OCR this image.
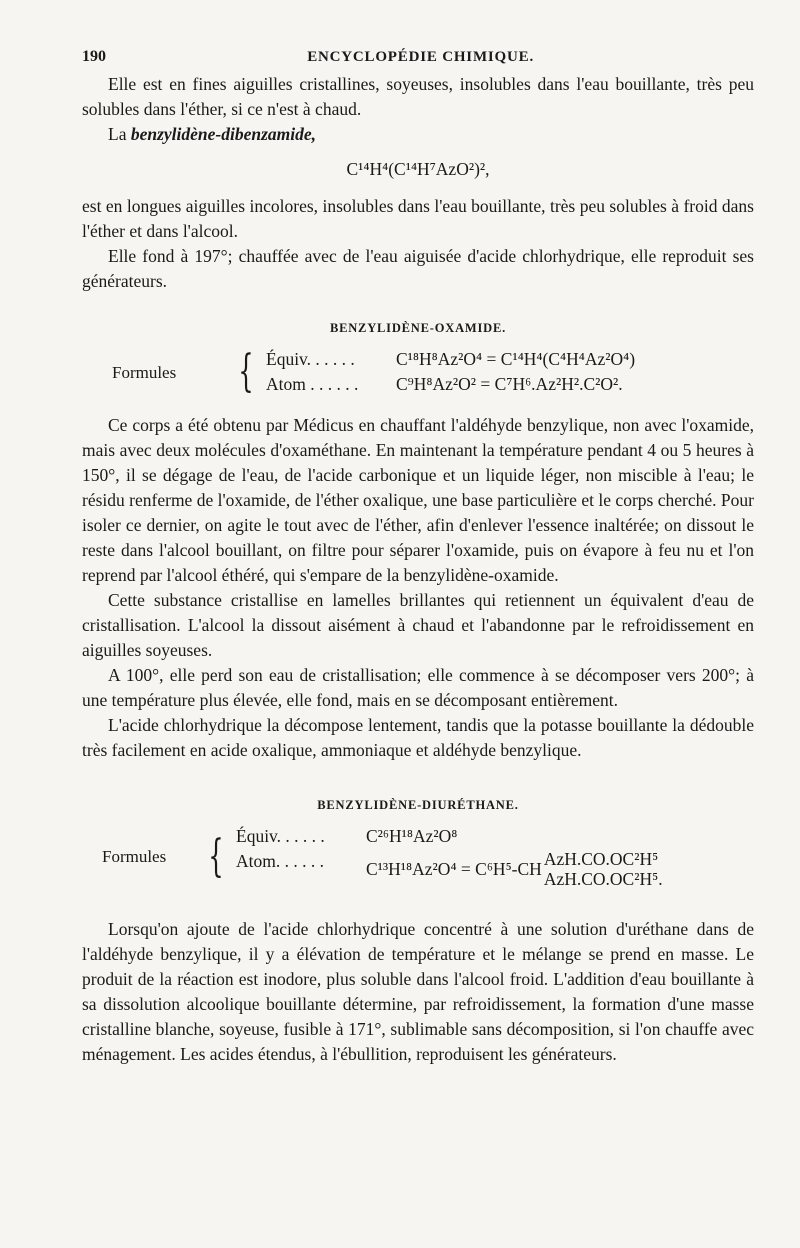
190	ENCYCLOPÉDIE CHIMIQUE.

Elle est en fines aiguilles cristallines, soyeuses, insolubles dans l'eau bouillante, très peu solubles dans l'éther, si ce n'est à chaud.

La benzylidène-dibenzamide,

C¹⁴H⁴(C¹⁴H⁷AzO²)²,

est en longues aiguilles incolores, insolubles dans l'eau bouillante, très peu solubles à froid dans l'éther et dans l'alcool.

Elle fond à 197°; chauffée avec de l'eau aiguisée d'acide chlorhydrique, elle reproduit ses générateurs.

BENZYLIDÈNE-OXAMIDE.
Formules	{ Équiv. . . . . .	C¹⁸H⁸Az²O⁴ = C¹⁴H⁴(C⁴H⁴Az²O⁴)
Atom . . . . . .	C⁹H⁸Az²O² = C⁷H⁶.Az²H².C²O².

Ce corps a été obtenu par Médicus en chauffant l'aldéhyde benzylique, non avec l'oxamide, mais avec deux molécules d'oxaméthane. En maintenant la température pendant 4 ou 5 heures à 150°, il se dégage de l'eau, de l'acide carbonique et un liquide léger, non miscible à l'eau; le résidu renferme de l'oxamide, de l'éther oxalique, une base particulière et le corps cherché. Pour isoler ce dernier, on agite le tout avec de l'éther, afin d'enlever l'essence inaltérée; on dissout le reste dans l'alcool bouillant, on filtre pour séparer l'oxamide, puis on évapore à feu nu et l'on reprend par l'alcool éthéré, qui s'empare de la benzylidène-oxamide.

Cette substance cristallise en lamelles brillantes qui retiennent un équivalent d'eau de cristallisation. L'alcool la dissout aisément à chaud et l'abandonne par le refroidissement en aiguilles soyeuses.

A 100°, elle perd son eau de cristallisation; elle commence à se décomposer vers 200°; à une température plus élevée, elle fond, mais en se décomposant entièrement.

L'acide chlorhydrique la décompose lentement, tandis que la potasse bouillante la dédouble très facilement en acide oxalique, ammoniaque et aldéhyde benzylique.

BENZYLIDÈNE-DIURÉTHANE.
Formules { Équiv. . . . . .	C²⁶H¹⁸Az²O⁸
Atom. . . . . .	C¹³H¹⁸Az²O⁴ = C⁶H⁵-CH AzH.CO.OC²H⁵
AzH.CO.OC²H⁵.

Lorsqu'on ajoute de l'acide chlorhydrique concentré à une solution d'uréthane dans de l'aldéhyde benzylique, il y a élévation de température et le mélange se prend en masse. Le produit de la réaction est inodore, plus soluble dans l'alcool froid. L'addition d'eau bouillante à sa dissolution alcoolique bouillante détermine, par refroidissement, la formation d'une masse cristalline blanche, soyeuse, fusible à 171°, sublimable sans décomposition, si l'on chauffe avec ménagement. Les acides étendus, à l'ébullition, reproduisent les générateurs.
